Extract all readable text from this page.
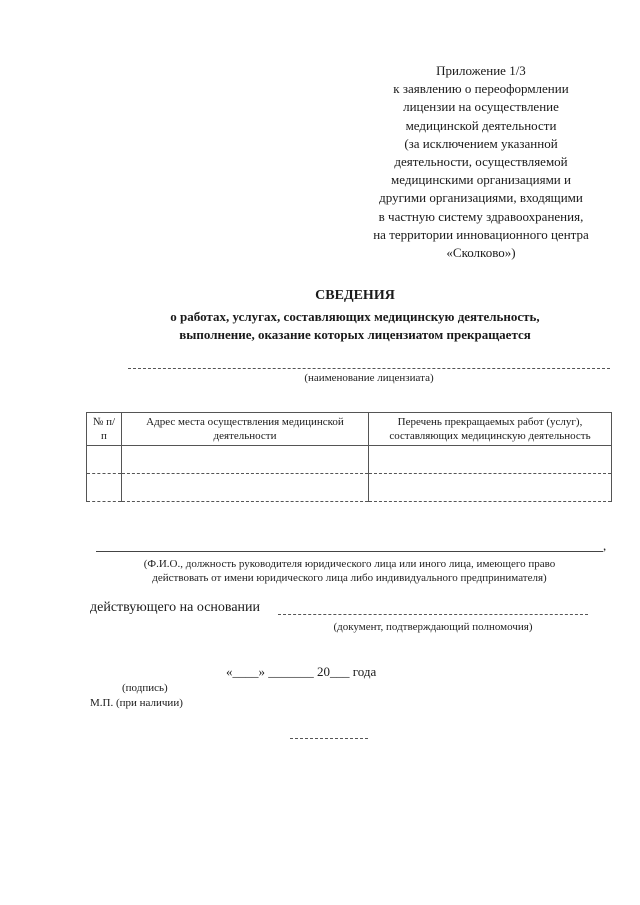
Приложение 1/3
к заявлению о переоформлении
лицензии на осуществление
медицинской деятельности
(за исключением указанной
деятельности, осуществляемой
медицинскими организациями и
другими организациями, входящими
в частную систему здравоохранения,
на территории инновационного центра
«Сколково»)
СВЕДЕНИЯ
о работах, услугах, составляющих медицинскую деятельность,
выполнение, оказание которых лицензиатом прекращается
(наименование лицензиата)
№ п/п	Адрес места осуществления медицинской деятельности	Перечень прекращаемых работ (услуг), составляющих медицинскую деятельность

,
(Ф.И.О., должность руководителя юридического лица или иного лица, имеющего право
действовать от имени юридического лица либо индивидуального предпринимателя)
действующего на основании
(документ, подтверждающий полномочия)
«____» _______ 20___ года
(подпись)
М.П. (при наличии)
